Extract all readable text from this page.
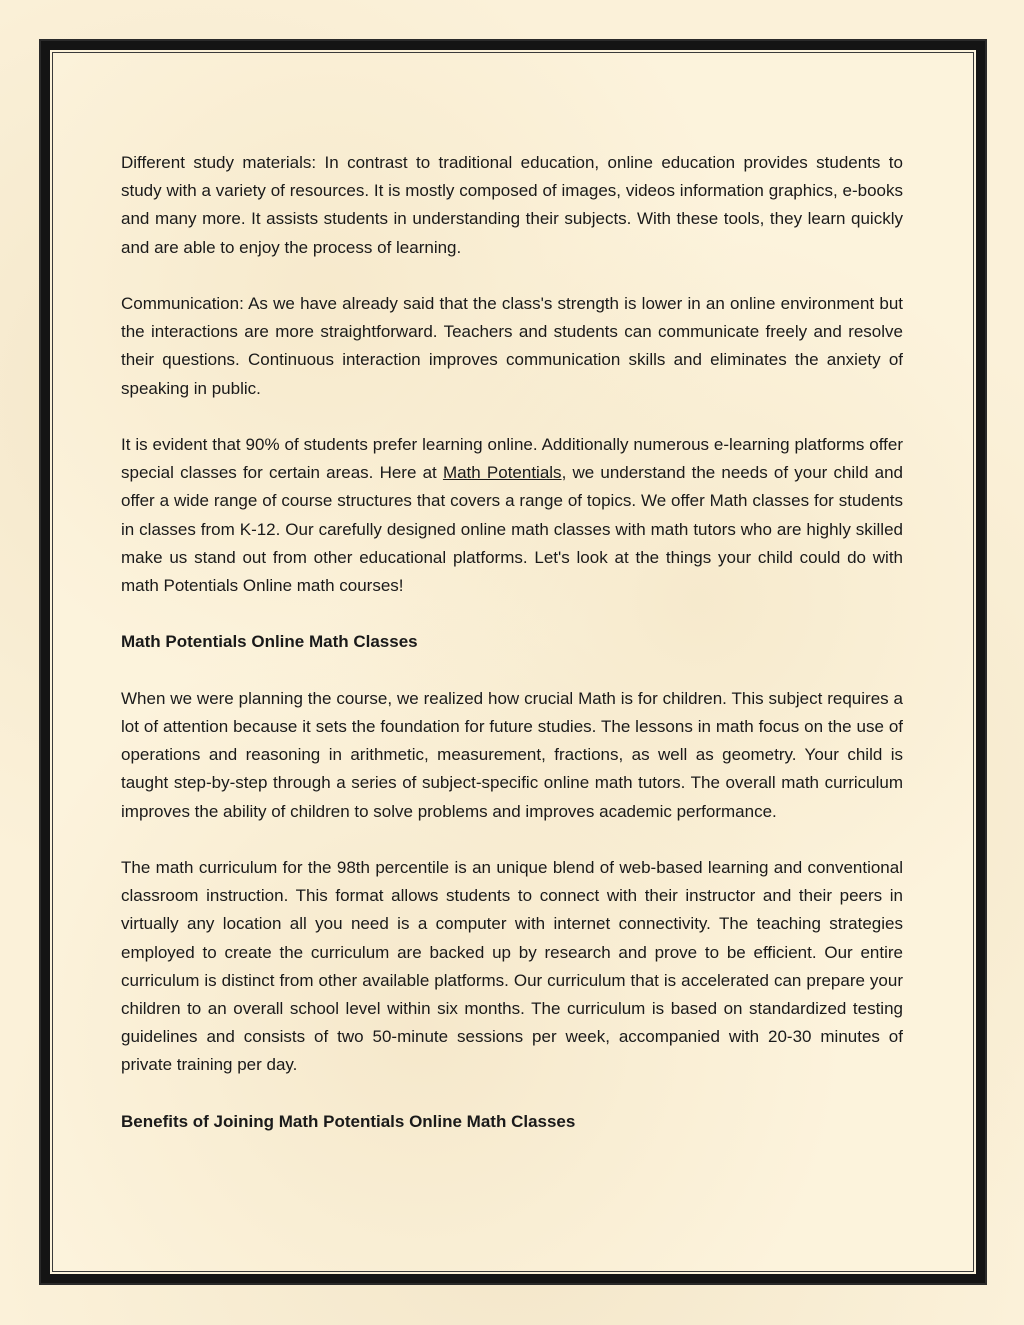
Different study materials: In contrast to traditional education, online education provides students to study with a variety of resources. It is mostly composed of images, videos information graphics, e-books and many more. It assists students in understanding their subjects. With these tools, they learn quickly and are able to enjoy the process of learning.

Communication: As we have already said that the class's strength is lower in an online environment but the interactions are more straightforward. Teachers and students can communicate freely and resolve their questions. Continuous interaction improves communication skills and eliminates the anxiety of speaking in public.

It is evident that 90% of students prefer learning online. Additionally numerous e-learning platforms offer special classes for certain areas. Here at Math Potentials, we understand the needs of your child and offer a wide range of course structures that covers a range of topics. We offer Math classes for students in classes from K-12. Our carefully designed online math classes with math tutors who are highly skilled make us stand out from other educational platforms. Let's look at the things your child could do with math Potentials Online math courses!

Math Potentials Online Math Classes

When we were planning the course, we realized how crucial Math is for children. This subject requires a lot of attention because it sets the foundation for future studies. The lessons in math focus on the use of operations and reasoning in arithmetic, measurement, fractions, as well as geometry. Your child is taught step-by-step through a series of subject-specific online math tutors. The overall math curriculum improves the ability of children to solve problems and improves academic performance.

The math curriculum for the 98th percentile is an unique blend of web-based learning and conventional classroom instruction. This format allows students to connect with their instructor and their peers in virtually any location all you need is a computer with internet connectivity. The teaching strategies employed to create the curriculum are backed up by research and prove to be efficient. Our entire curriculum is distinct from other available platforms. Our curriculum that is accelerated can prepare your children to an overall school level within six months. The curriculum is based on standardized testing guidelines and consists of two 50-minute sessions per week, accompanied with 20-30 minutes of private training per day.

Benefits of Joining Math Potentials Online Math Classes
